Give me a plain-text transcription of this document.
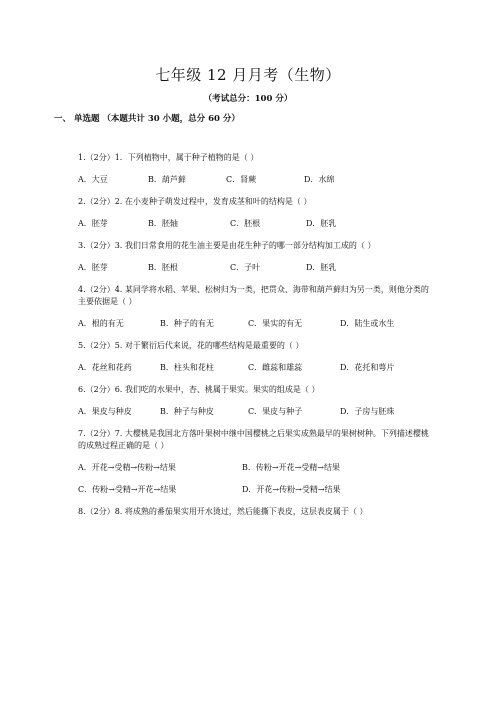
七年级 12 月月考（生物）
（考试总分：100 分）
一、 单选题 （本题共计 30 小题，总分 60 分）
1.（2分）1．下列植物中，属于种子植物的是（ ）
A．大豆	B．葫芦藓	C．肾蕨	D．水绵
2.（2分）2. 在小麦种子萌发过程中，发育成茎和叶的结构是（ ）
A．胚芽	B．胚轴	C．胚根	D．胚乳
3.（2分）3. 我们日常食用的花生油主要是由花生种子的哪一部分结构加工成的（ ）
A．胚芽	B．胚根	C．子叶	D．胚乳
4.（2分）4. 某同学将水稻、苹果、松树归为一类，把贯众、海带和葫芦藓归为另一类，则他分类的主要依据是（ ）
A．根的有无	B．种子的有无	C．果实的有无	D．陆生或水生
5.（2分）5. 对于繁衍后代来说，花的哪些结构是最重要的（ ）
A．花丝和花药	B．柱头和花柱	C．雌蕊和雄蕊	D．花托和萼片
6.（2分）6. 我们吃的水果中，杏、桃属于果实。果实的组成是（ ）
A．果皮与种皮	B．种子与种皮	C．果皮与种子	D．子房与胚珠
7.（2分）7. 大樱桃是我国北方落叶果树中继中国樱桃之后果实成熟最早的果树树种。下列描述樱桃的成熟过程正确的是（ ）
A．开花→受精→传粉→结果	B．传粉→开花→受精→结果
C．传粉→受精→开花→结果	D．开花→传粉→受精→结果
8.（2分）8. 将成熟的番茄果实用开水烫过，然后能撕下表皮，这层表皮属于（ ）
